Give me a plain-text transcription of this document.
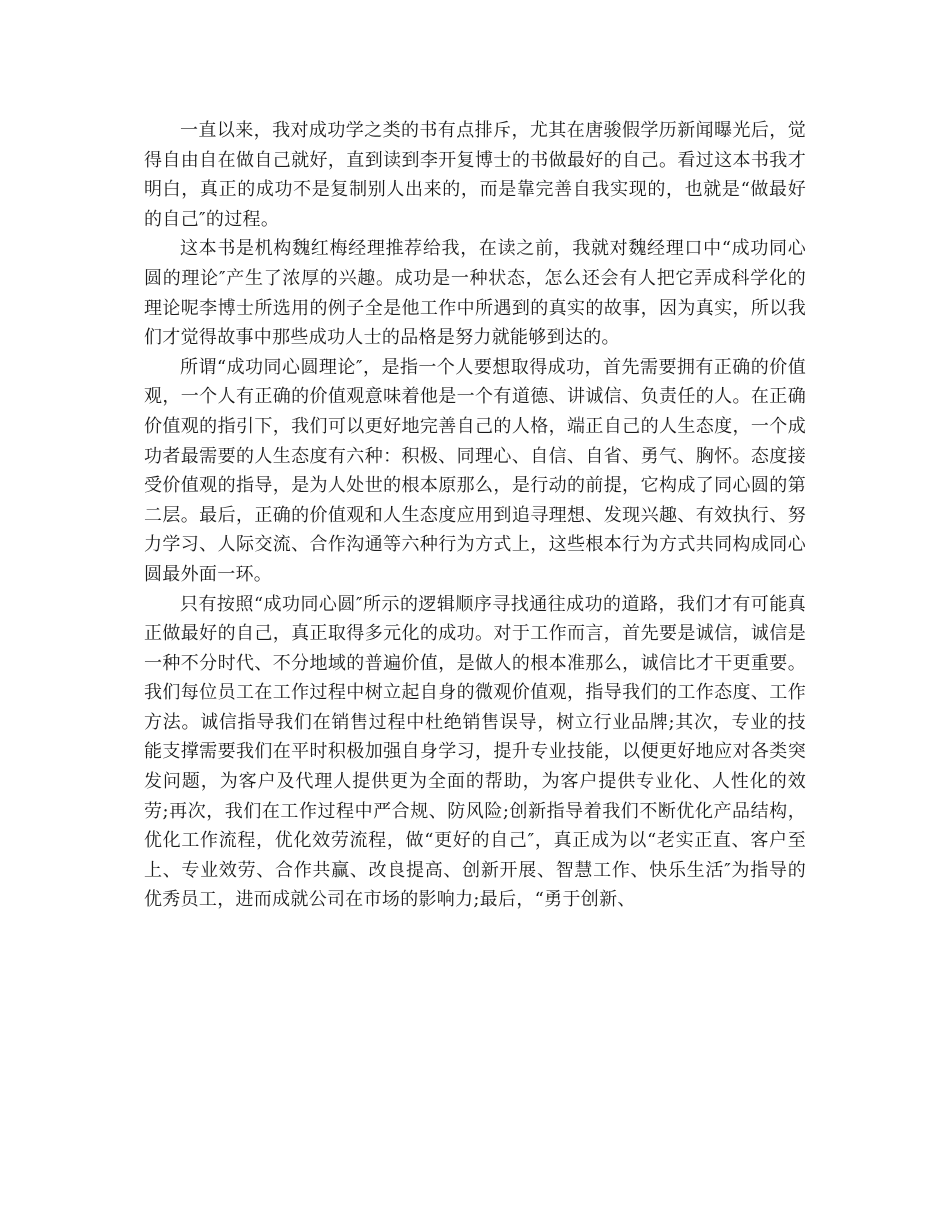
一直以来，我对成功学之类的书有点排斥，尤其在唐骏假学历新闻曝光后，觉得自由自在做自己就好，直到读到李开复博士的书做最好的自己。看过这本书我才明白，真正的成功不是复制别人出来的，而是靠完善自我实现的，也就是“做最好的自己″的过程。

这本书是机构魏红梅经理推荐给我，在读之前，我就对魏经理口中“成功同心圆的理论″产生了浓厚的兴趣。成功是一种状态，怎么还会有人把它弄成科学化的理论呢李博士所选用的例子全是他工作中所遇到的真实的故事，因为真实，所以我们才觉得故事中那些成功人士的品格是努力就能够到达的。

所谓“成功同心圆理论″，是指一个人要想取得成功，首先需要拥有正确的价值观，一个人有正确的价值观意味着他是一个有道德、讲诚信、负责任的人。在正确价值观的指引下，我们可以更好地完善自己的人格，端正自己的人生态度，一个成功者最需要的人生态度有六种：积极、同理心、自信、自省、勇气、胸怀。态度接受价值观的指导，是为人处世的根本原那么，是行动的前提，它构成了同心圆的第二层。最后，正确的价值观和人生态度应用到追寻理想、发现兴趣、有效执行、努力学习、人际交流、合作沟通等六种行为方式上，这些根本行为方式共同构成同心圆最外面一环。

只有按照“成功同心圆″所示的逻辑顺序寻找通往成功的道路，我们才有可能真正做最好的自己，真正取得多元化的成功。对于工作而言，首先要是诚信，诚信是一种不分时代、不分地域的普遍价值，是做人的根本准那么，诚信比才干更重要。我们每位员工在工作过程中树立起自身的微观价值观，指导我们的工作态度、工作方法。诚信指导我们在销售过程中杜绝销售误导，树立行业品牌;其次，专业的技能支撑需要我们在平时积极加强自身学习，提升专业技能，以便更好地应对各类突发问题，为客户及代理人提供更为全面的帮助，为客户提供专业化、人性化的效劳;再次，我们在工作过程中严合规、防风险;创新指导着我们不断优化产品结构，优化工作流程，优化效劳流程，做“更好的自己″，真正成为以“老实正直、客户至上、专业效劳、合作共赢、改良提高、创新开展、智慧工作、快乐生活″为指导的优秀员工，进而成就公司在市场的影响力;最后，“勇于创新、
